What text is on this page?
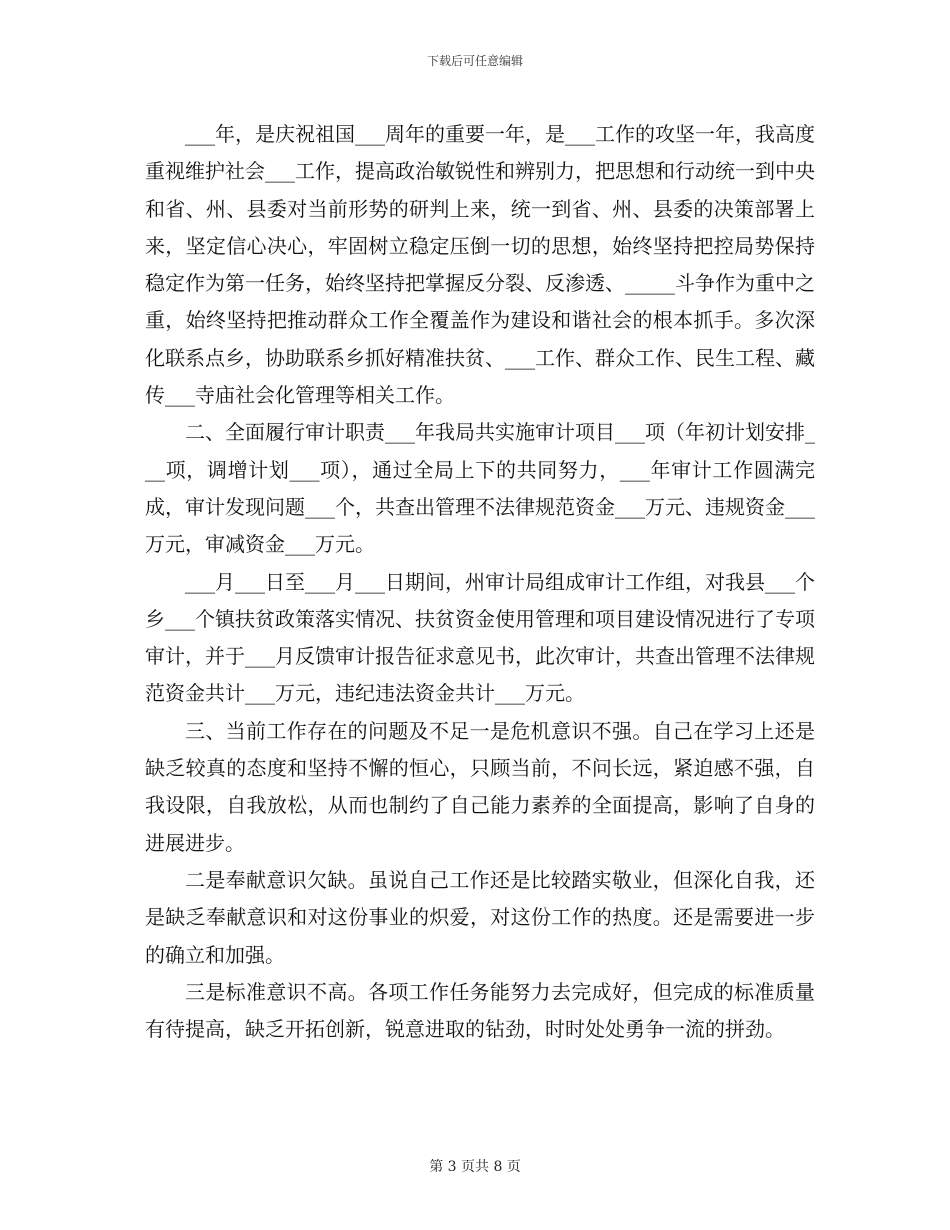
下载后可任意编辑

___年，是庆祝祖国___周年的重要一年，是___工作的攻坚一年，我高度重视维护社会___工作，提高政治敏锐性和辨别力，把思想和行动统一到中央和省、州、县委对当前形势的研判上来，统一到省、州、县委的决策部署上来，坚定信心决心，牢固树立稳定压倒一切的思想，始终坚持把控局势保持稳定作为第一任务，始终坚持把掌握反分裂、反渗透、_____斗争作为重中之重，始终坚持把推动群众工作全覆盖作为建设和谐社会的根本抓手。多次深化联系点乡，协助联系乡抓好精准扶贫、___工作、群众工作、民生工程、藏传___寺庙社会化管理等相关工作。

二、全面履行审计职责___年我局共实施审计项目___项（年初计划安排___项，调增计划___项），通过全局上下的共同努力，___年审计工作圆满完成，审计发现问题___个，共查出管理不法律规范资金___万元、违规资金___万元，审减资金___万元。

___月___日至___月___日期间，州审计局组成审计工作组，对我县___个乡___个镇扶贫政策落实情况、扶贫资金使用管理和项目建设情况进行了专项审计，并于___月反馈审计报告征求意见书，此次审计，共查出管理不法律规范资金共计___万元，违纪违法资金共计___万元。

三、当前工作存在的问题及不足一是危机意识不强。自己在学习上还是缺乏较真的态度和坚持不懈的恒心，只顾当前，不问长远，紧迫感不强，自我设限，自我放松，从而也制约了自己能力素养的全面提高，影响了自身的进展进步。

二是奉献意识欠缺。虽说自己工作还是比较踏实敬业，但深化自我，还是缺乏奉献意识和对这份事业的炽爱，对这份工作的热度。还是需要进一步的确立和加强。

三是标准意识不高。各项工作任务能努力去完成好，但完成的标准质量有待提高，缺乏开拓创新，锐意进取的钻劲，时时处处勇争一流的拼劲。

第 3 页共 8 页
